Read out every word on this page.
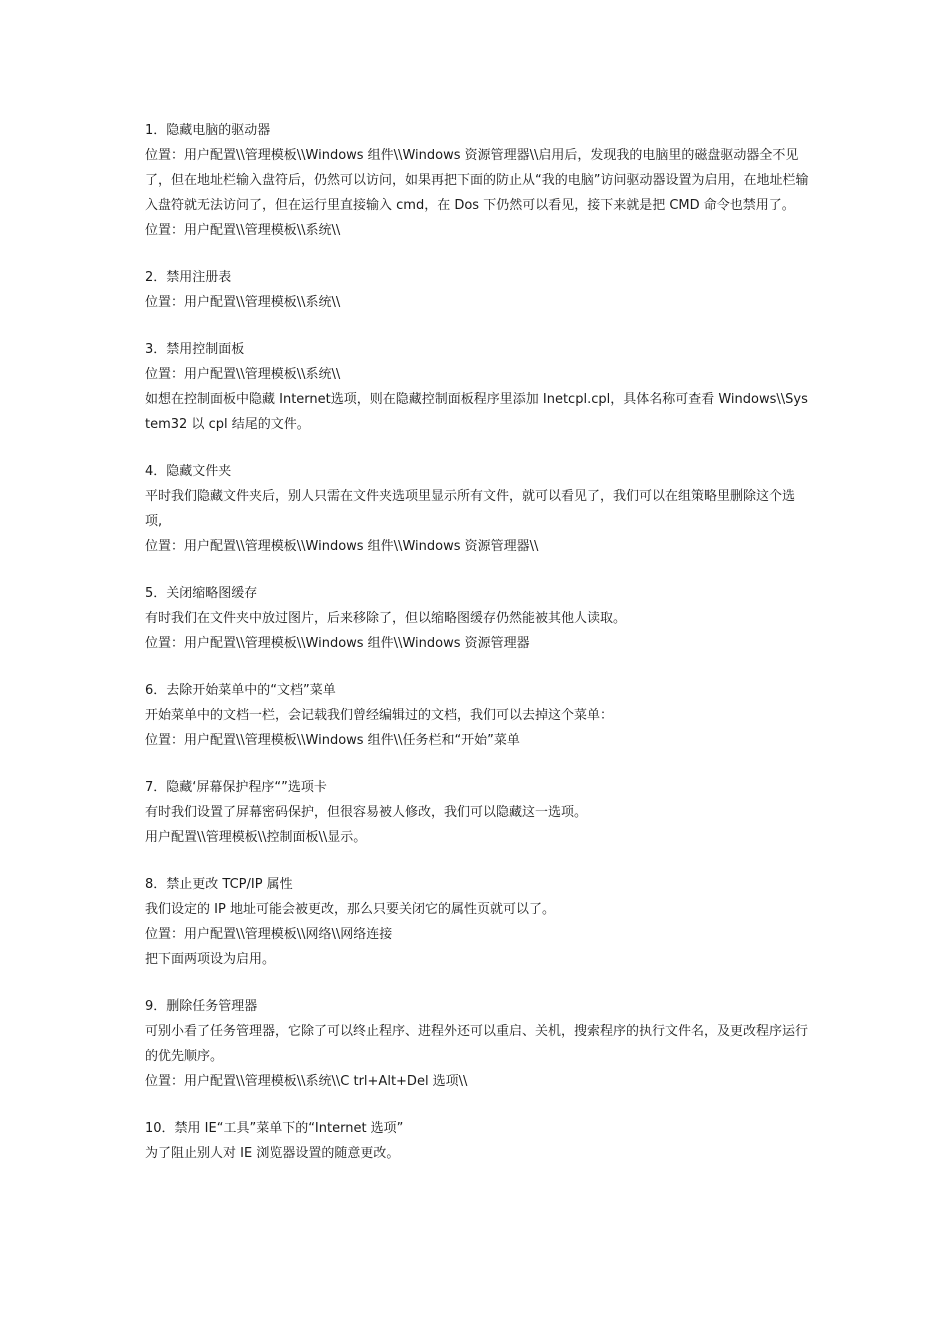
1．隐藏电脑的驱动器
位置：用户配置\\管理模板\\Windows 组件\\Windows 资源管理器\\启用后，发现我的电脑里的磁盘驱动器全不见了，但在地址栏输入盘符后，仍然可以访问，如果再把下面的防止从“我的电脑”访问驱动器设置为启用，在地址栏输入盘符就无法访问了，但在运行里直接输入 cmd，在 Dos 下仍然可以看见，接下来就是把 CMD 命令也禁用了。
位置：用户配置\\管理模板\\系统\\
2．禁用注册表
位置：用户配置\\管理模板\\系统\\
3．禁用控制面板
位置：用户配置\\管理模板\\系统\\
如想在控制面板中隐藏 Internet选项，则在隐藏控制面板程序里添加 Inetcpl.cpl，具体名称可查看 Windows\\System32 以 cpl 结尾的文件。
4．隐藏文件夹
平时我们隐藏文件夹后，别人只需在文件夹选项里显示所有文件，就可以看见了，我们可以在组策略里删除这个选项,
位置：用户配置\\管理模板\\Windows 组件\\Windows 资源管理器\\
5．关闭缩略图缓存
有时我们在文件夹中放过图片，后来移除了，但以缩略图缓存仍然能被其他人读取。
位置：用户配置\\管理模板\\Windows 组件\\Windows 资源管理器
6．去除开始菜单中的“文档”菜单
开始菜单中的文档一栏，会记载我们曾经编辑过的文档，我们可以去掉这个菜单：
位置：用户配置\\管理模板\\Windows 组件\\任务栏和“开始”菜单
7．隐藏‘屏幕保护程序“”选项卡
有时我们设置了屏幕密码保护，但很容易被人修改，我们可以隐藏这一选项。
用户配置\\管理模板\\控制面板\\显示。
8．禁止更改 TCP/IP 属性
我们设定的 IP 地址可能会被更改，那么只要关闭它的属性页就可以了。
位置：用户配置\\管理模板\\网络\\网络连接
把下面两项设为启用。
9．删除任务管理器
可别小看了任务管理器，它除了可以终止程序、进程外还可以重启、关机，搜索程序的执行文件名，及更改程序运行的优先顺序。
位置：用户配置\\管理模板\\系统\\C trl+Alt+Del 选项\\
10．禁用 IE“工具”菜单下的“Internet 选项”
为了阻止别人对 IE 浏览器设置的随意更改。
